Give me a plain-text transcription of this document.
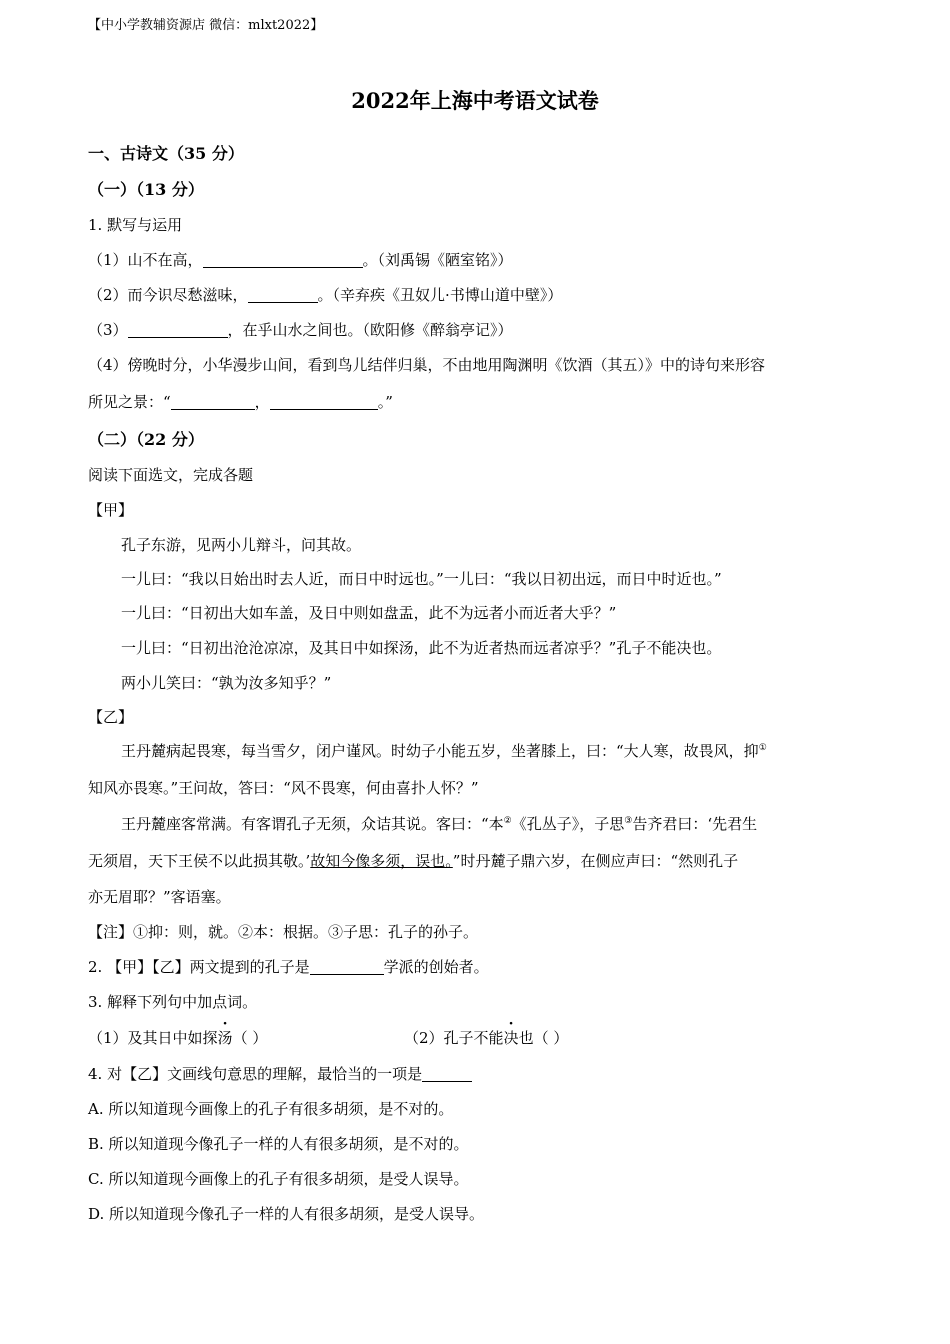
【中小学教辅资源店 微信：mlxt2022】
2022年上海中考语文试卷
一、古诗文（35 分）
（一）（13 分）
1. 默写与运用
（1）山不在高，	。（刘禹锡《陋室铭》）
（2）而今识尽愁滋味，	。（辛弃疾《丑奴儿·书博山道中壁》）
（3）	，在乎山水之间也。（欧阳修《醉翁亭记》）
（4）傍晚时分，小华漫步山间，看到鸟儿结伴归巢，不由地用陶渊明《饮酒（其五）》中的诗句来形容
所见之景：“	，	。”
（二）（22 分）
阅读下面选文，完成各题
【甲】
孔子东游，见两小儿辩斗，问其故。
一儿曰：“我以日始出时去人近，而日中时远也。”一儿曰：“我以日初出远，而日中时近也。”
一儿曰：“日初出大如车盖，及日中则如盘盂，此不为远者小而近者大乎？”
一儿曰：“日初出沧沧凉凉，及其日中如探汤，此不为近者热而远者凉乎？”孔子不能决也。
两小儿笑曰：“孰为汝多知乎？”
【乙】
王丹麓病起畏寒，每当雪夕，闭户谨风。时幼子小能五岁，坐著膝上，曰：“大人寒，故畏风，抑①
知风亦畏寒。”王问故，答曰：“风不畏寒，何由喜扑人怀？”
王丹麓座客常满。有客谓孔子无须，众诘其说。客曰：“本②《孔丛子》，子思③告齐君曰：‘先君生
无须眉，天下王侯不以此损其敬。’故知今像多须，误也。”时丹麓子鼎六岁，在侧应声曰：“然则孔子
亦无眉耶？”客语塞。
【注】①抑：则，就。②本：根据。③子思：孔子的孙子。
2. 【甲】【乙】两文提到的孔子是	学派的创始者。
3. 解释下列句中加点词。
（1）及其日中如探汤（ ）	（2）孔子不能决也（ ）
4. 对【乙】文画线句意思的理解，最恰当的一项是
A. 所以知道现今画像上的孔子有很多胡须，是不对的。
B. 所以知道现今像孔子一样的人有很多胡须，是不对的。
C. 所以知道现今画像上的孔子有很多胡须，是受人误导。
D. 所以知道现今像孔子一样的人有很多胡须，是受人误导。
